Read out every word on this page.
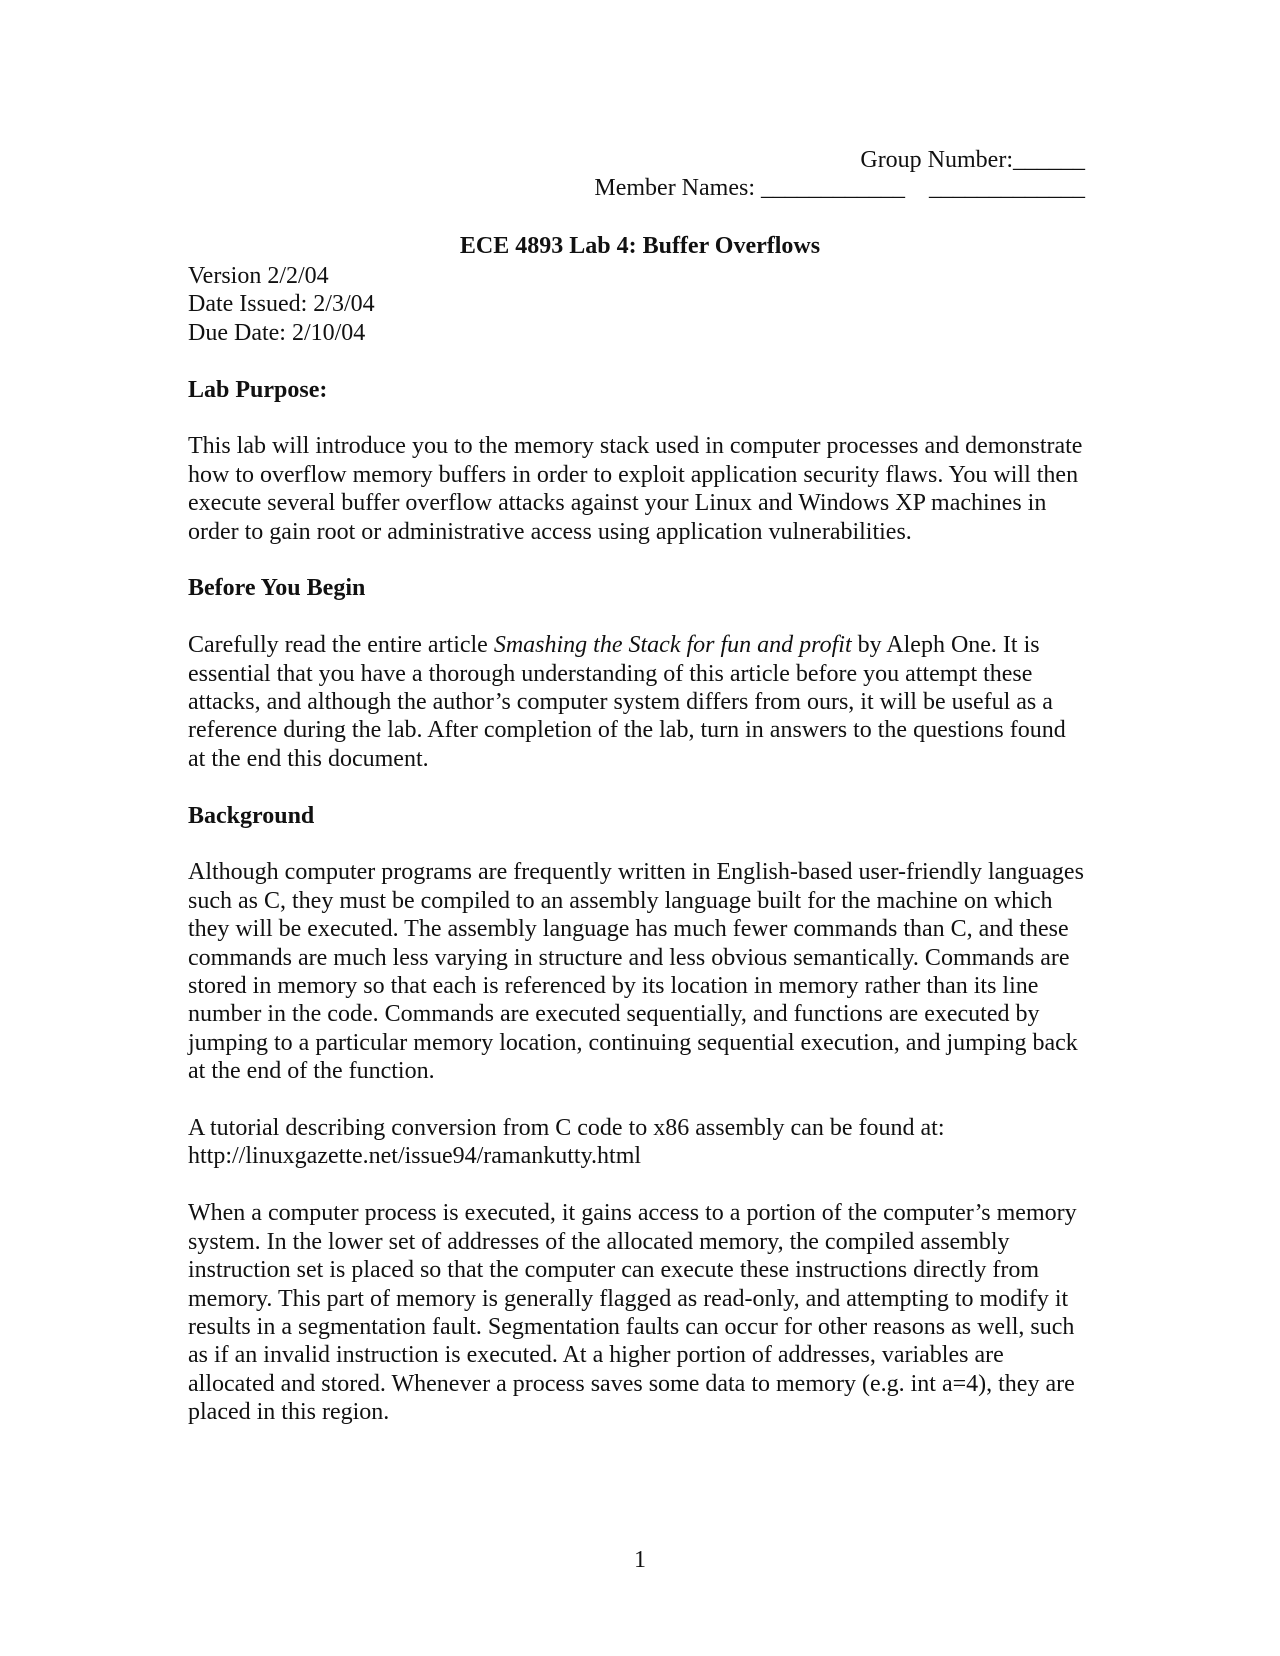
Group Number:______
Member Names: ____________    _____________
ECE 4893 Lab 4: Buffer Overflows
Version 2/2/04
Date Issued: 2/3/04
Due Date: 2/10/04

Lab Purpose:

This lab will introduce you to the memory stack used in computer processes and demonstrate how to overflow memory buffers in order to exploit application security flaws. You will then execute several buffer overflow attacks against your Linux and Windows XP machines in order to gain root or administrative access using application vulnerabilities.

Before You Begin

Carefully read the entire article Smashing the Stack for fun and profit by Aleph One. It is essential that you have a thorough understanding of this article before you attempt these attacks, and although the author’s computer system differs from ours, it will be useful as a reference during the lab. After completion of the lab, turn in answers to the questions found at the end this document.

Background

Although computer programs are frequently written in English-based user-friendly languages such as C, they must be compiled to an assembly language built for the machine on which they will be executed. The assembly language has much fewer commands than C, and these commands are much less varying in structure and less obvious semantically. Commands are stored in memory so that each is referenced by its location in memory rather than its line number in the code. Commands are executed sequentially, and functions are executed by jumping to a particular memory location, continuing sequential execution, and jumping back at the end of the function.

A tutorial describing conversion from C code to x86 assembly can be found at:
http://linuxgazette.net/issue94/ramankutty.html

When a computer process is executed, it gains access to a portion of the computer’s memory system. In the lower set of addresses of the allocated memory, the compiled assembly instruction set is placed so that the computer can execute these instructions directly from memory. This part of memory is generally flagged as read-only, and attempting to modify it results in a segmentation fault. Segmentation faults can occur for other reasons as well, such as if an invalid instruction is executed. At a higher portion of addresses, variables are allocated and stored. Whenever a process saves some data to memory (e.g. int a=4), they are placed in this region.

1
